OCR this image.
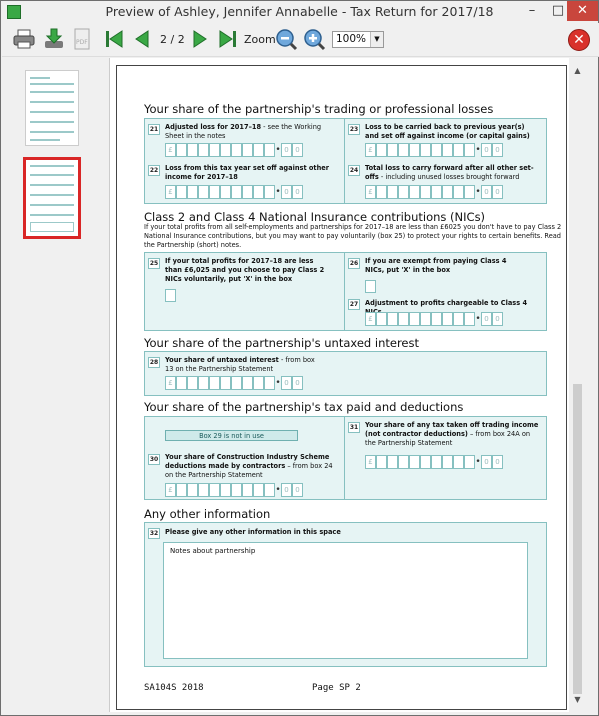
Preview of Ashley, Jennifer Annabelle - Tax Return for 2017/18	–	□ ✕
PDF	2 / 2	Zoom	100%	▼	✕
▲
▼
Your share of the partnership's trading or professional losses
21 Adjusted loss for 2017–18 - see the Working Sheet in the notes
£	• 0 0
23 Loss to be carried back to previous year(s) and set off against income (or capital gains)
£	• 0 0
22 Loss from this tax year set off against other income for 2017–18
£	• 0 0
24 Total loss to carry forward after all other set-offs - including unused losses brought forward
£	• 0 0
Class 2 and Class 4 National Insurance contributions (NICs)
If your total profits from all self-employments and partnerships for 2017–18 are less than £6025 you don't have to pay Class 2 National Insurance contributions, but you may want to pay voluntarily (box 25) to protect your rights to certain benefits. Read the Partnership (short) notes.
25 If your total profits for 2017–18 are less than £6,025 and you choose to pay Class 2 NICs voluntarily, put 'X' in the box
26 If you are exempt from paying Class 4 NICs, put 'X' in the box
27 Adjustment to profits chargeable to Class 4
£	• 0 0
Your share of the partnership's untaxed interest
28 Your share of untaxed interest - from box 13 on the Partnership Statement
£	• 0 0
Your share of the partnership's tax paid and deductions
Box 29 is not in use
30 Your share of Construction Industry Scheme deductions made by contractors – from box 24 on the Partnership Statement
£	• 0 0
31 Your share of any tax taken off trading income (not contractor deductions) – from box 24A on the Partnership Statement
£	• 0 0
Any other information
32 Please give any other information in this space
Notes about partnership
SA104S 2018	Page SP 2
